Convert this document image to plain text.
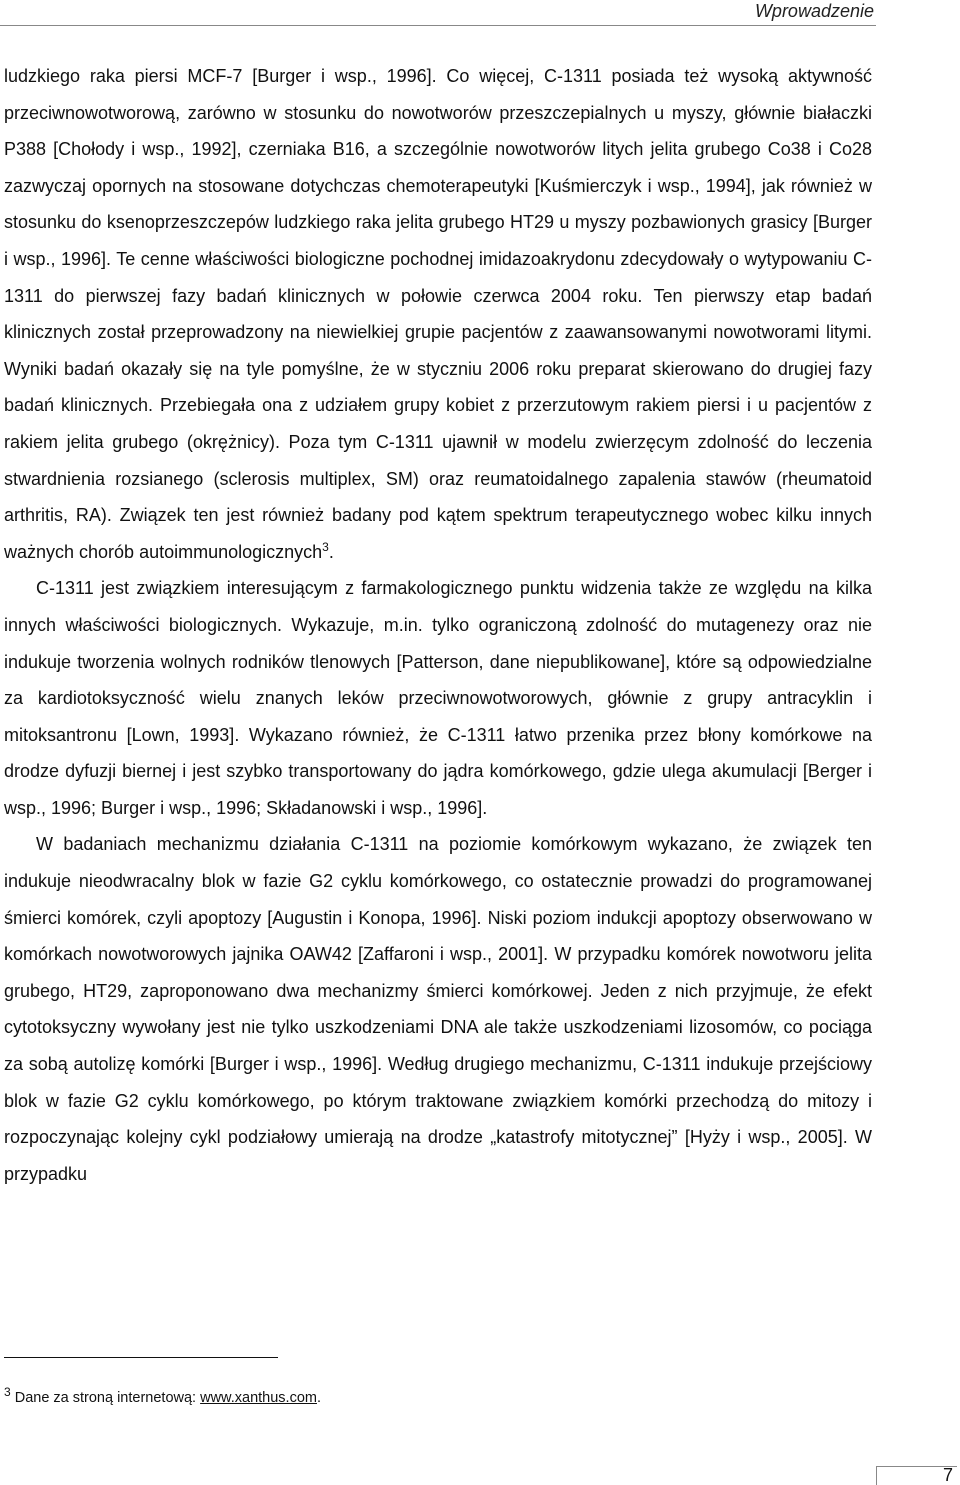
Wprowadzenie

ludzkiego raka piersi MCF-7 [Burger i wsp., 1996]. Co więcej, C-1311 posiada też wysoką aktywność przeciwnowotworową, zarówno w stosunku do nowotworów przeszczepialnych u myszy, głównie białaczki P388 [Chołody i wsp., 1992], czerniaka B16, a szczególnie nowotworów litych jelita grubego Co38 i Co28 zazwyczaj opornych na stosowane dotychczas chemoterapeutyki [Kuśmierczyk i wsp., 1994], jak również w stosunku do ksenoprzeszczepów ludzkiego raka jelita grubego HT29 u myszy pozbawionych grasicy [Burger i wsp., 1996]. Te cenne właściwości biologiczne pochodnej imidazoakrydonu zdecydowały o wytypowaniu C-1311 do pierwszej fazy badań klinicznych w połowie czerwca 2004 roku. Ten pierwszy etap badań klinicznych został przeprowadzony na niewielkiej grupie pacjentów z zaawansowanymi nowotworami litymi. Wyniki badań okazały się na tyle pomyślne, że w styczniu 2006 roku preparat skierowano do drugiej fazy badań klinicznych. Przebiegała ona z udziałem grupy kobiet z przerzutowym rakiem piersi i u pacjentów z rakiem jelita grubego (okrężnicy). Poza tym C-1311 ujawnił w modelu zwierzęcym zdolność do leczenia stwardnienia rozsianego (sclerosis multiplex, SM) oraz reumatoidalnego zapalenia stawów (rheumatoid arthritis, RA). Związek ten jest również badany pod kątem spektrum terapeutycznego wobec kilku innych ważnych chorób autoimmunologicznych$^3$.

C-1311 jest związkiem interesującym z farmakologicznego punktu widzenia także ze względu na kilka innych właściwości biologicznych. Wykazuje, m.in. tylko ograniczoną zdolność do mutagenezy oraz nie indukuje tworzenia wolnych rodników tlenowych [Patterson, dane niepublikowane], które są odpowiedzialne za kardiotoksyczność wielu znanych leków przeciwnowotworowych, głównie z grupy antracyklin i mitoksantronu [Lown, 1993]. Wykazano również, że C-1311 łatwo przenika przez błony komórkowe na drodze dyfuzji biernej i jest szybko transportowany do jądra komórkowego, gdzie ulega akumulacji [Berger i wsp., 1996; Burger i wsp., 1996; Składanowski i wsp., 1996].

W badaniach mechanizmu działania C-1311 na poziomie komórkowym wykazano, że związek ten indukuje nieodwracalny blok w fazie G2 cyklu komórkowego, co ostatecznie prowadzi do programowanej śmierci komórek, czyli apoptozy [Augustin i Konopa, 1996]. Niski poziom indukcji apoptozy obserwowano w komórkach nowotworowych jajnika OAW42 [Zaffaroni i wsp., 2001]. W przypadku komórek nowotworu jelita grubego, HT29, zaproponowano dwa mechanizmy śmierci komórkowej. Jeden z nich przyjmuje, że efekt cytotoksyczny wywołany jest nie tylko uszkodzeniami DNA ale także uszkodzeniami lizosomów, co pociąga za sobą autolizę komórki [Burger i wsp., 1996]. Według drugiego mechanizmu, C-1311 indukuje przejściowy blok w fazie G2 cyklu komórkowego, po którym traktowane związkiem komórki przechodzą do mitozy i rozpoczynając kolejny cykl podziałowy umierają na drodze „katastrofy mitotycznej” [Hyży i wsp., 2005]. W przypadku

$^3$ Dane za stroną internetową: www.xanthus.com.
7
